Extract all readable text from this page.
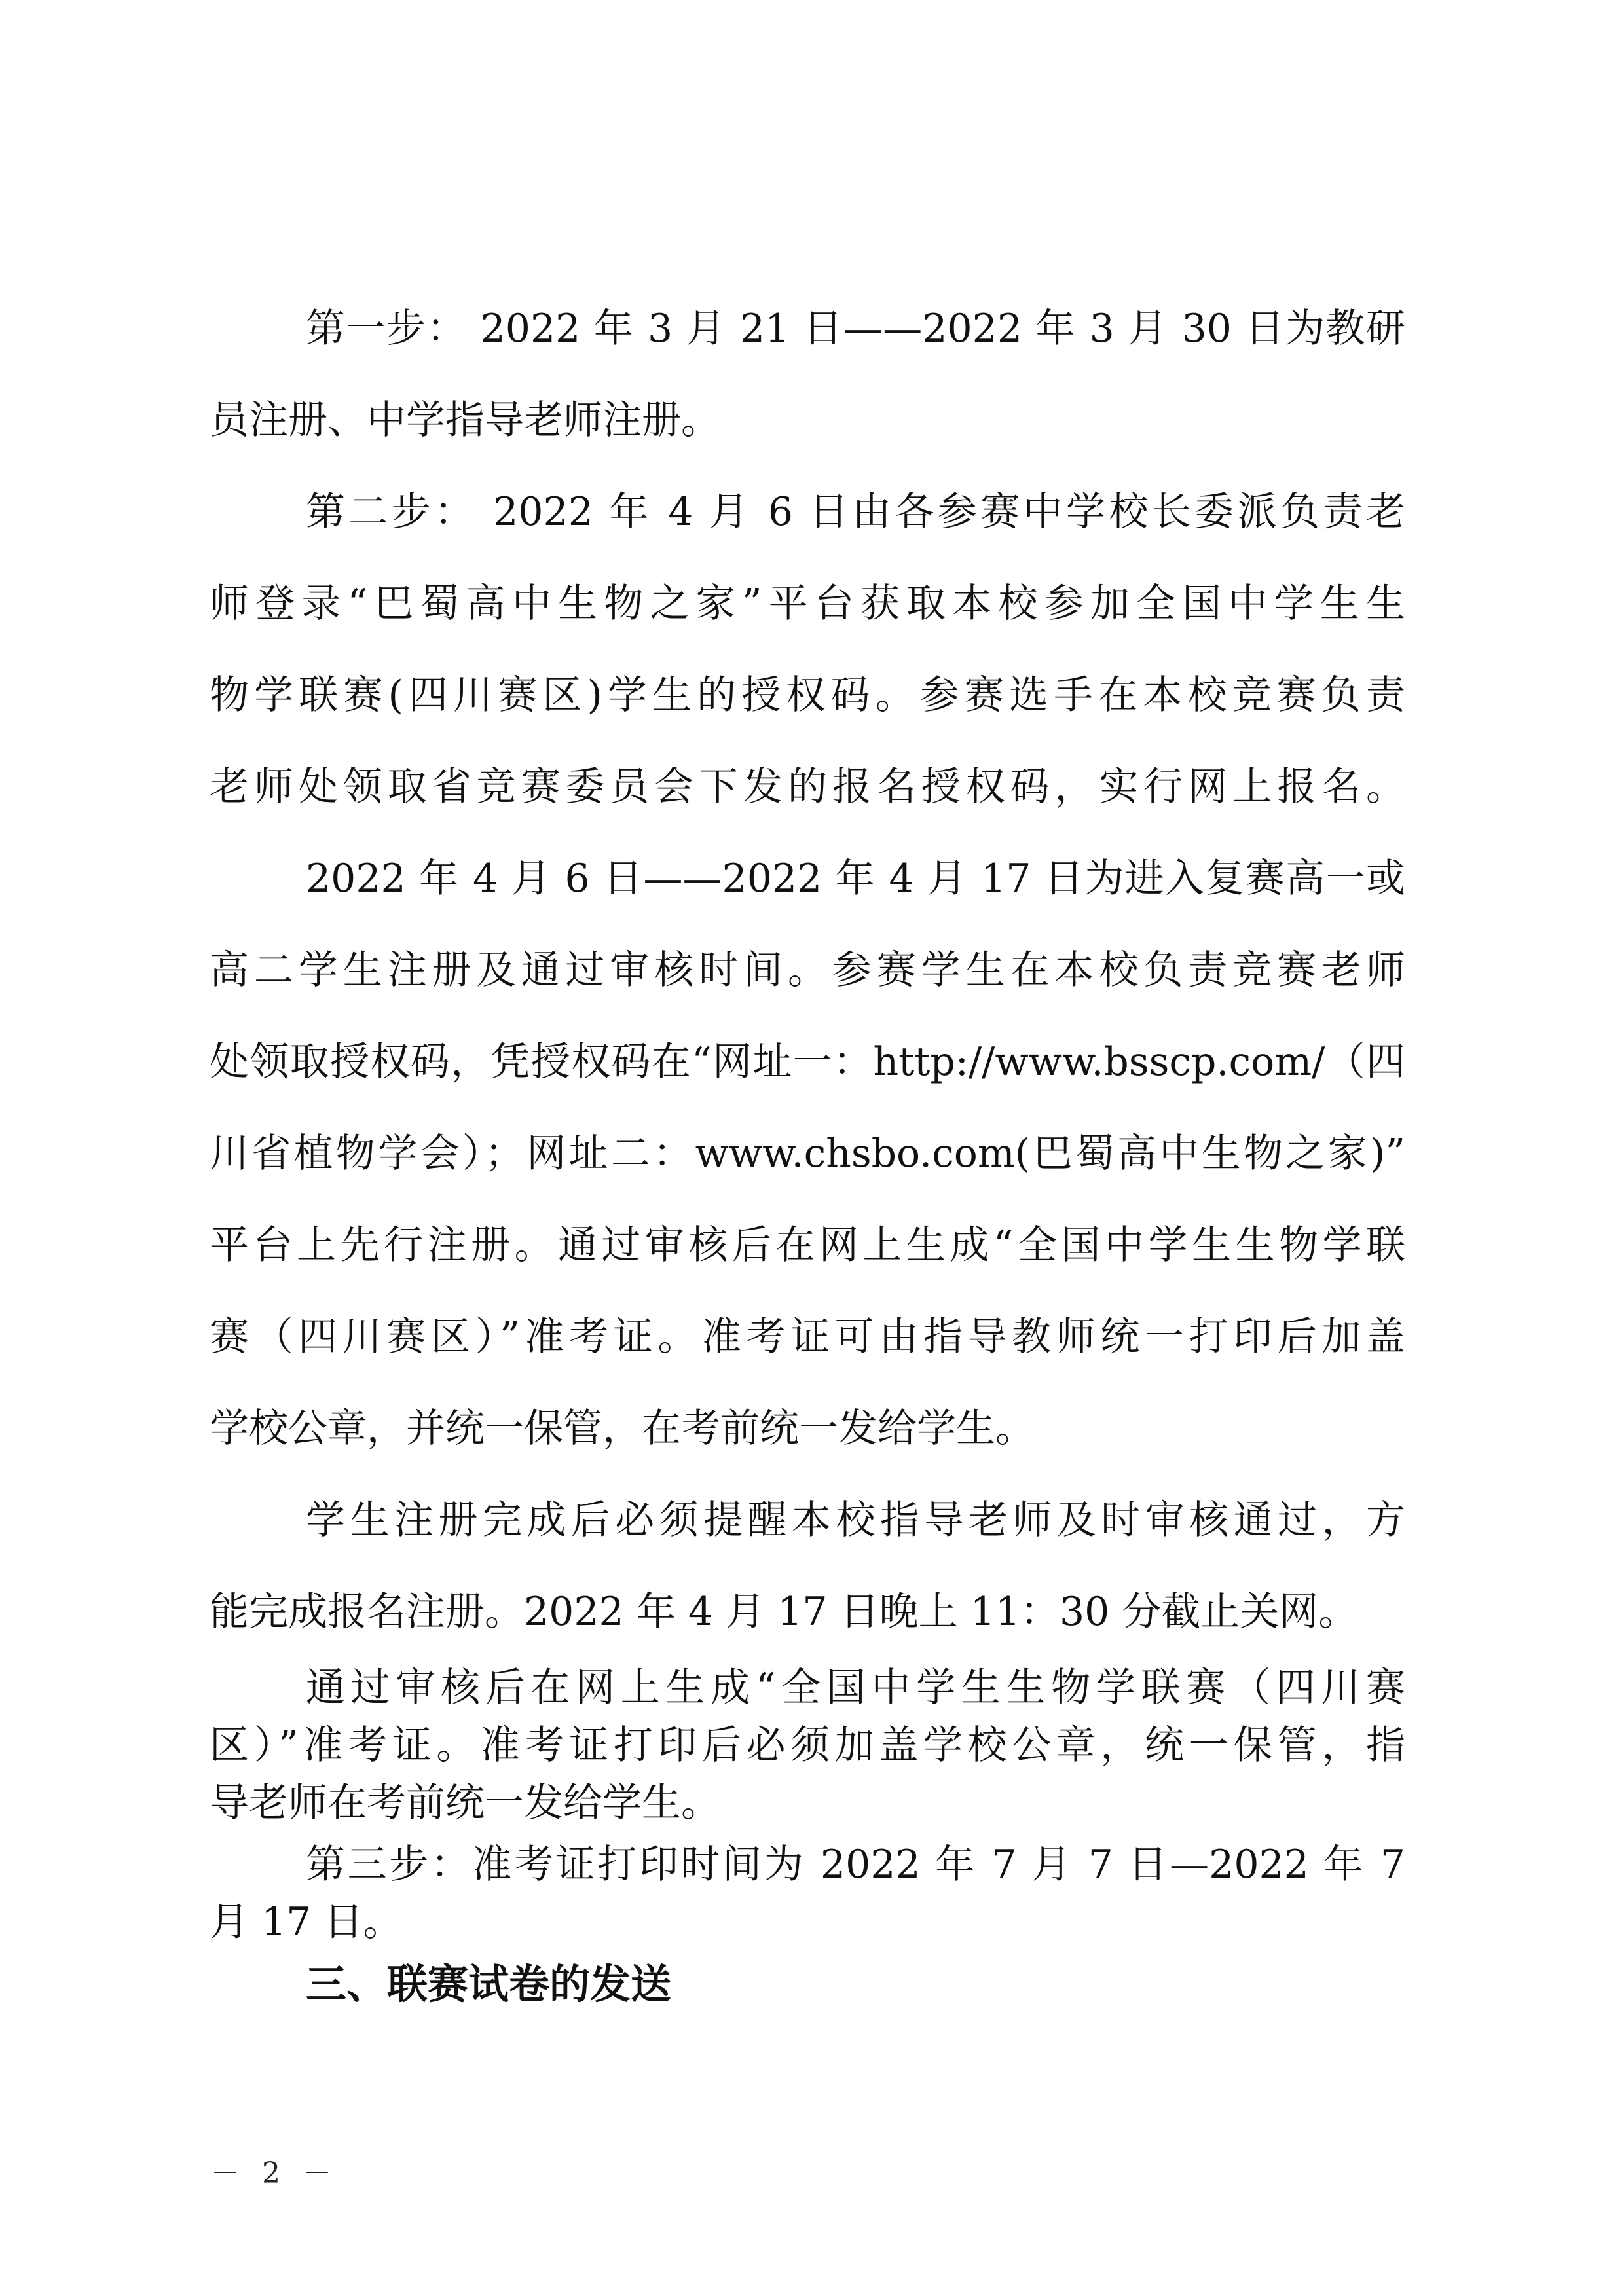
第一步： 2022 年 3 月 21 日——2022 年 3 月 30 日为教研
员注册、中学指导老师注册。
第二步： 2022 年 4 月 6 日由各参赛中学校长委派负责老
师登录“巴蜀高中生物之家”平台获取本校参加全国中学生生
物学联赛(四川赛区)学生的授权码。参赛选手在本校竞赛负责
老师处领取省竞赛委员会下发的报名授权码，实行网上报名。
2022 年 4 月 6 日——2022 年 4 月 17 日为进入复赛高一或
高二学生注册及通过审核时间。参赛学生在本校负责竞赛老师
处领取授权码，凭授权码在“网址一：http://www.bsscp.com/（四
川省植物学会）；网址二：www.chsbo.com(巴蜀高中生物之家)”
平台上先行注册。通过审核后在网上生成“全国中学生生物学联
赛（四川赛区）”准考证。准考证可由指导教师统一打印后加盖
学校公章，并统一保管，在考前统一发给学生。
学生注册完成后必须提醒本校指导老师及时审核通过，方
能完成报名注册。2022 年 4 月 17 日晚上 11：30 分截止关网。
通过审核后在网上生成“全国中学生生物学联赛（四川赛
区）”准考证。准考证打印后必须加盖学校公章，统一保管，指
导老师在考前统一发给学生。
第三步：准考证打印时间为 2022 年 7 月 7 日—2022 年 7
月 17 日。
三、联赛试卷的发送
－ 2 －
